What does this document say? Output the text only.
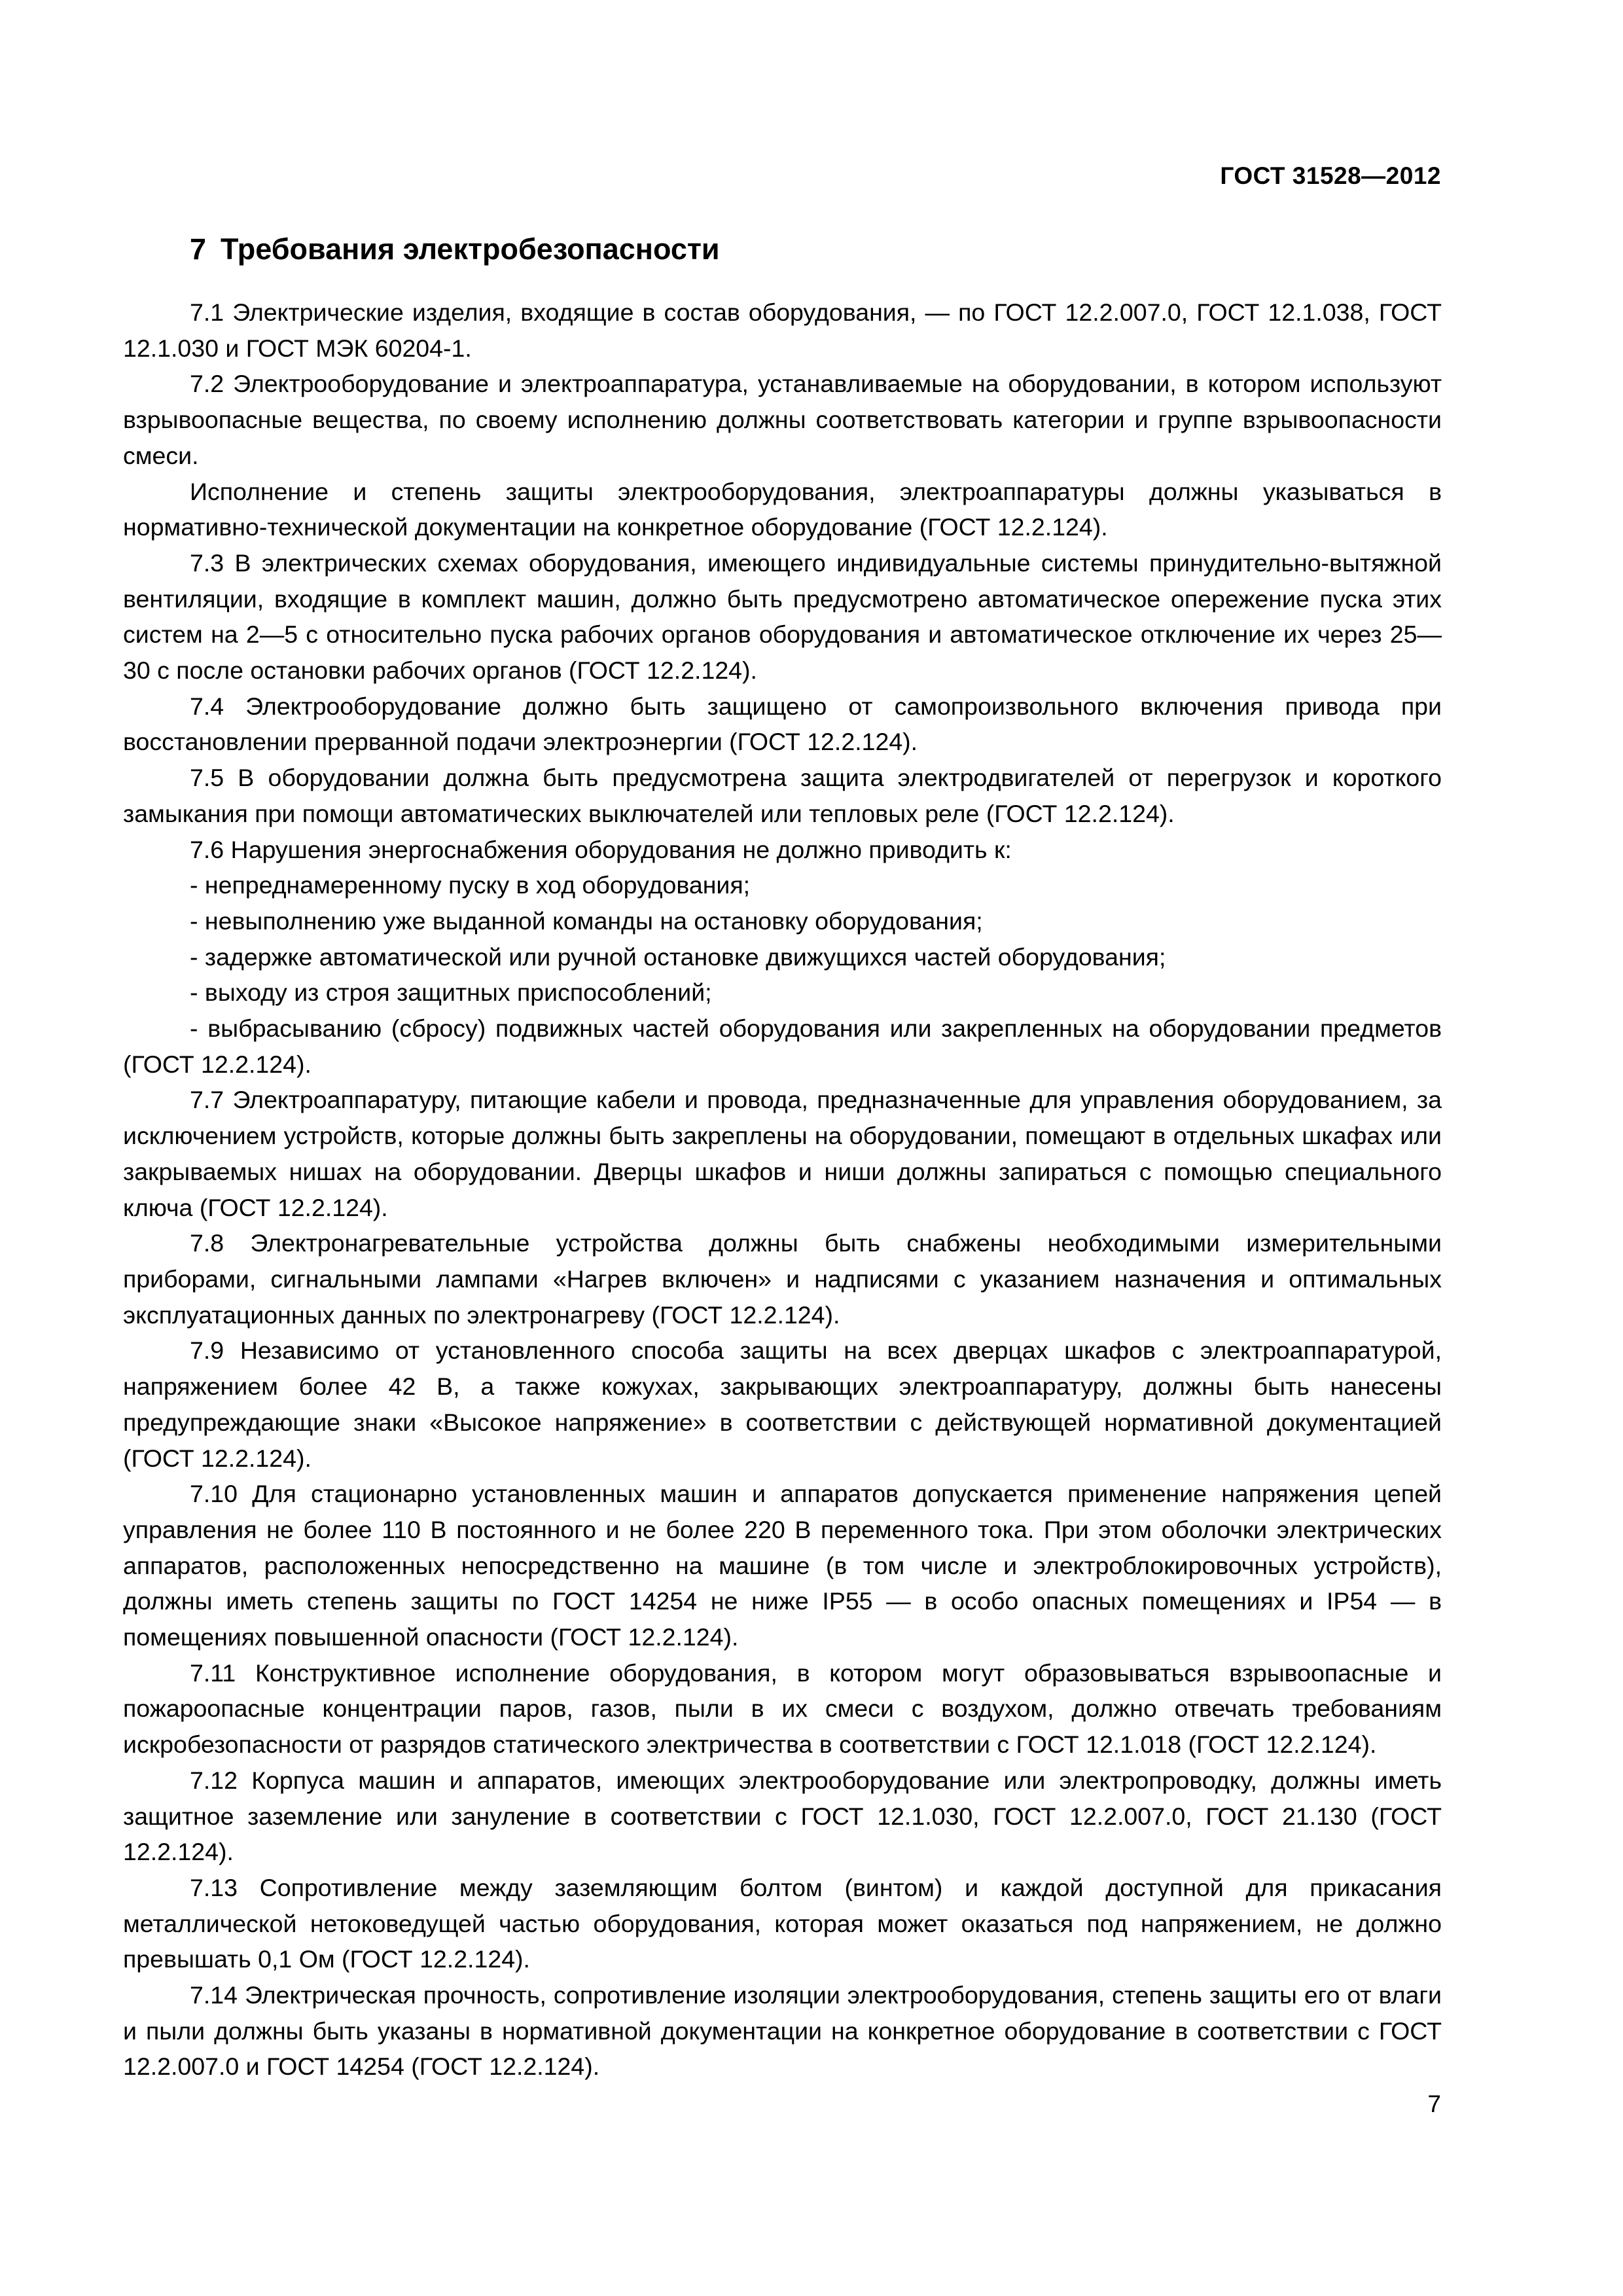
ГОСТ 31528—2012
7 Требования электробезопасности

7.1 Электрические изделия, входящие в состав оборудования, — по ГОСТ 12.2.007.0, ГОСТ 12.1.038, ГОСТ 12.1.030 и ГОСТ МЭК 60204-1.

7.2 Электрооборудование и электроаппаратура, устанавливаемые на оборудовании, в котором используют взрывоопасные вещества, по своему исполнению должны соответствовать категории и группе взрывоопасности смеси.

Исполнение и степень защиты электрооборудования, электроаппаратуры должны указываться в нормативно-технической документации на конкретное оборудование (ГОСТ 12.2.124).

7.3 В электрических схемах оборудования, имеющего индивидуальные системы принудительно-вытяжной вентиляции, входящие в комплект машин, должно быть предусмотрено автоматическое опережение пуска этих систем на 2—5 с относительно пуска рабочих органов оборудования и автоматическое отключение их через 25—30 с после остановки рабочих органов (ГОСТ 12.2.124).

7.4 Электрооборудование должно быть защищено от самопроизвольного включения привода при восстановлении прерванной подачи электроэнергии (ГОСТ 12.2.124).

7.5 В оборудовании должна быть предусмотрена защита электродвигателей от перегрузок и короткого замыкания при помощи автоматических выключателей или тепловых реле (ГОСТ 12.2.124).

7.6 Нарушения энергоснабжения оборудования не должно приводить к:

- непреднамеренному пуску в ход оборудования;

- невыполнению уже выданной команды на остановку оборудования;

- задержке автоматической или ручной остановке движущихся частей оборудования;

- выходу из строя защитных приспособлений;

- выбрасыванию (сбросу) подвижных частей оборудования или закрепленных на оборудовании предметов (ГОСТ 12.2.124).

7.7 Электроаппаратуру, питающие кабели и провода, предназначенные для управления оборудованием, за исключением устройств, которые должны быть закреплены на оборудовании, помещают в отдельных шкафах или закрываемых нишах на оборудовании. Дверцы шкафов и ниши должны запираться с помощью специального ключа (ГОСТ 12.2.124).

7.8 Электронагревательные устройства должны быть снабжены необходимыми измерительными приборами, сигнальными лампами «Нагрев включен» и надписями с указанием назначения и оптимальных эксплуатационных данных по электронагреву (ГОСТ 12.2.124).

7.9 Независимо от установленного способа защиты на всех дверцах шкафов с электроаппаратурой, напряжением более 42 В, а также кожухах, закрывающих электроаппаратуру, должны быть нанесены предупреждающие знаки «Высокое напряжение» в соответствии с действующей нормативной документацией (ГОСТ 12.2.124).

7.10 Для стационарно установленных машин и аппаратов допускается применение напряжения цепей управления не более 110 В постоянного и не более 220 В переменного тока. При этом оболочки электрических аппаратов, расположенных непосредственно на машине (в том числе и электроблокировочных устройств), должны иметь степень защиты по ГОСТ 14254 не ниже IP55 — в особо опасных помещениях и IP54 — в помещениях повышенной опасности (ГОСТ 12.2.124).

7.11 Конструктивное исполнение оборудования, в котором могут образовываться взрывоопасные и пожароопасные концентрации паров, газов, пыли в их смеси с воздухом, должно отвечать требованиям искробезопасности от разрядов статического электричества в соответствии с ГОСТ 12.1.018 (ГОСТ 12.2.124).

7.12 Корпуса машин и аппаратов, имеющих электрооборудование или электропроводку, должны иметь защитное заземление или зануление в соответствии с ГОСТ 12.1.030, ГОСТ 12.2.007.0, ГОСТ 21.130 (ГОСТ 12.2.124).

7.13 Сопротивление между заземляющим болтом (винтом) и каждой доступной для прикасания металлической нетоковедущей частью оборудования, которая может оказаться под напряжением, не должно превышать 0,1 Ом (ГОСТ 12.2.124).

7.14 Электрическая прочность, сопротивление изоляции электрооборудования, степень защиты его от влаги и пыли должны быть указаны в нормативной документации на конкретное оборудование в соответствии с ГОСТ 12.2.007.0 и ГОСТ 14254 (ГОСТ 12.2.124).

7
